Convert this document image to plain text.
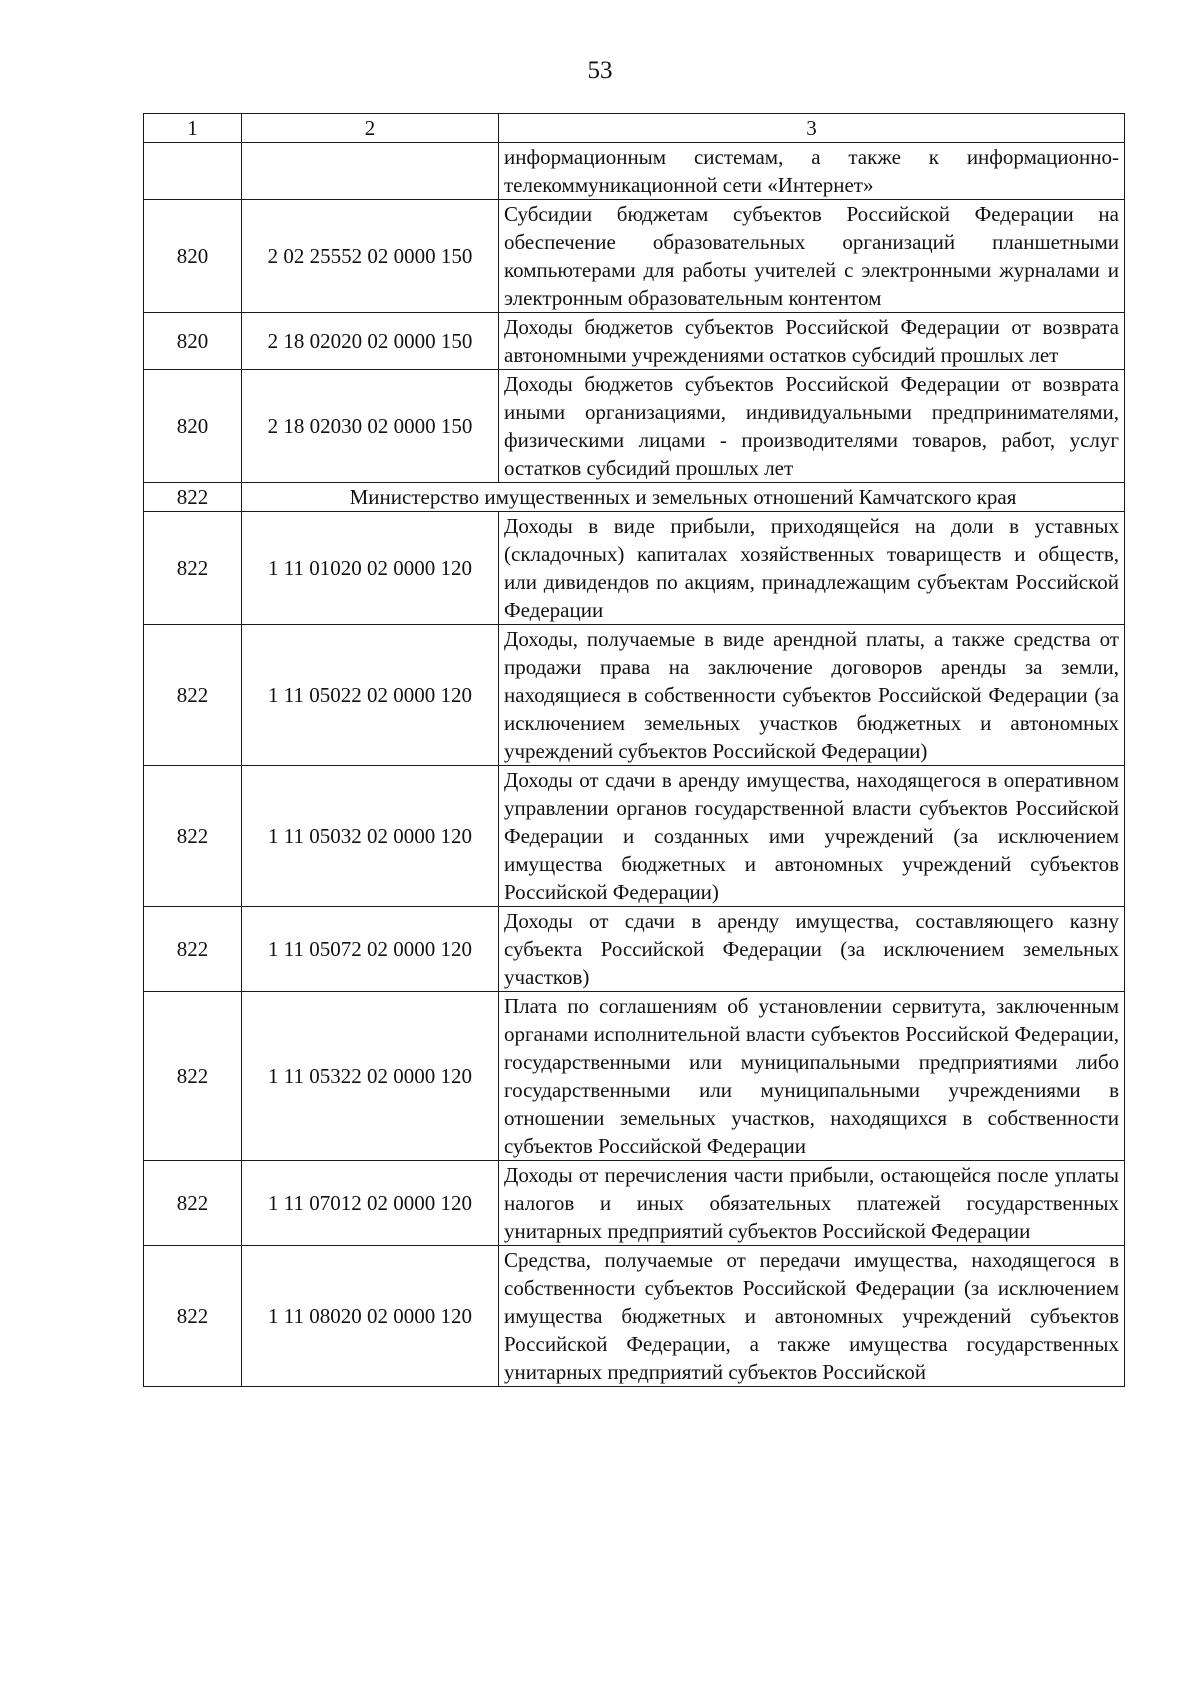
53
1	2	3
		информационным системам, а также к информационно-телекоммуникационной сети «Интернет»
820	2 02 25552 02 0000 150	Субсидии бюджетам субъектов Российской Федерации на обеспечение образовательных организаций планшетными компьютерами для работы учителей с электронными журналами и электронным образовательным контентом
820	2 18 02020 02 0000 150	Доходы бюджетов субъектов Российской Федерации от возврата автономными учреждениями остатков субсидий прошлых лет
820	2 18 02030 02 0000 150	Доходы бюджетов субъектов Российской Федерации от возврата иными организациями, индивидуальными предпринимателями, физическими лицами - производителями товаров, работ, услуг остатков субсидий прошлых лет
822	Министерство имущественных и земельных отношений Камчатского края	
822	1 11 01020 02 0000 120	Доходы в виде прибыли, приходящейся на доли в уставных (складочных) капиталах хозяйственных товариществ и обществ, или дивидендов по акциям, принадлежащим субъектам Российской Федерации
822	1 11 05022 02 0000 120	Доходы, получаемые в виде арендной платы, а также средства от продажи права на заключение договоров аренды за земли, находящиеся в собственности субъектов Российской Федерации (за исключением земельных участков бюджетных и автономных учреждений субъектов Российской Федерации)
822	1 11 05032 02 0000 120	Доходы от сдачи в аренду имущества, находящегося в оперативном управлении органов государственной власти субъектов Российской Федерации и созданных ими учреждений (за исключением имущества бюджетных и автономных учреждений субъектов Российской Федерации)
822	1 11 05072 02 0000 120	Доходы от сдачи в аренду имущества, составляющего казну субъекта Российской Федерации (за исключением земельных участков)
822	1 11 05322 02 0000 120	Плата по соглашениям об установлении сервитута, заключенным органами исполнительной власти субъектов Российской Федерации, государственными или муниципальными предприятиями либо государственными или муниципальными учреждениями в отношении земельных участков, находящихся в собственности субъектов Российской Федерации
822	1 11 07012 02 0000 120	Доходы от перечисления части прибыли, остающейся после уплаты налогов и иных обязательных платежей государственных унитарных предприятий субъектов Российской Федерации
822	1 11 08020 02 0000 120	Средства, получаемые от передачи имущества, находящегося в собственности субъектов Российской Федерации (за исключением имущества бюджетных и автономных учреждений субъектов Российской Федерации, а также имущества государственных унитарных предприятий субъектов Российской
